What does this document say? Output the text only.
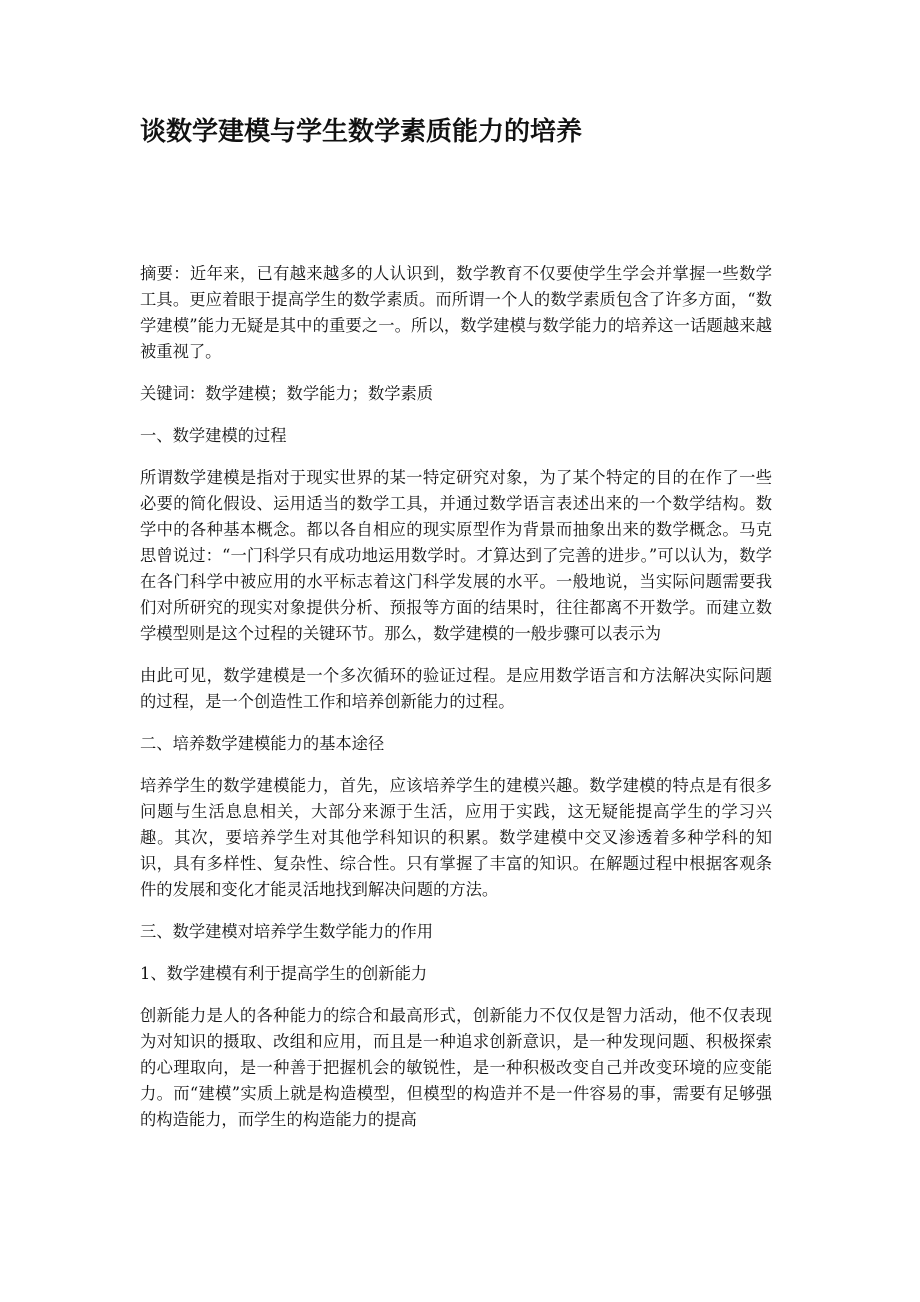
谈数学建模与学生数学素质能力的培养

摘要：近年来，已有越来越多的人认识到，数学教育不仅要使学生学会并掌握一些数学工具。更应着眼于提高学生的数学素质。而所谓一个人的数学素质包含了许多方面，“数学建模”能力无疑是其中的重要之一。所以，数学建模与数学能力的培养这一话题越来越被重视了。

关键词：数学建模；数学能力；数学素质

一、数学建模的过程

所谓数学建模是指对于现实世界的某一特定研究对象，为了某个特定的目的在作了一些必要的简化假设、运用适当的数学工具，并通过数学语言表述出来的一个数学结构。数学中的各种基本概念。都以各自相应的现实原型作为背景而抽象出来的数学概念。马克思曾说过：“一门科学只有成功地运用数学时。才算达到了完善的进步。”可以认为，数学在各门科学中被应用的水平标志着这门科学发展的水平。一般地说，当实际问题需要我们对所研究的现实对象提供分析、预报等方面的结果时，往往都离不开数学。而建立数学模型则是这个过程的关键环节。那么，数学建模的一般步骤可以表示为

由此可见，数学建模是一个多次循环的验证过程。是应用数学语言和方法解决实际问题的过程，是一个创造性工作和培养创新能力的过程。

二、培养数学建模能力的基本途径

培养学生的数学建模能力，首先，应该培养学生的建模兴趣。数学建模的特点是有很多问题与生活息息相关，大部分来源于生活，应用于实践，这无疑能提高学生的学习兴趣。其次，要培养学生对其他学科知识的积累。数学建模中交叉渗透着多种学科的知识，具有多样性、复杂性、综合性。只有掌握了丰富的知识。在解题过程中根据客观条件的发展和变化才能灵活地找到解决问题的方法。

三、数学建模对培养学生数学能力的作用

1、数学建模有利于提高学生的创新能力

创新能力是人的各种能力的综合和最高形式，创新能力不仅仅是智力活动，他不仅表现为对知识的摄取、改组和应用，而且是一种追求创新意识，是一种发现问题、积极探索的心理取向，是一种善于把握机会的敏锐性，是一种积极改变自己并改变环境的应变能力。而“建模”实质上就是构造模型，但模型的构造并不是一件容易的事，需要有足够强的构造能力，而学生的构造能力的提高
